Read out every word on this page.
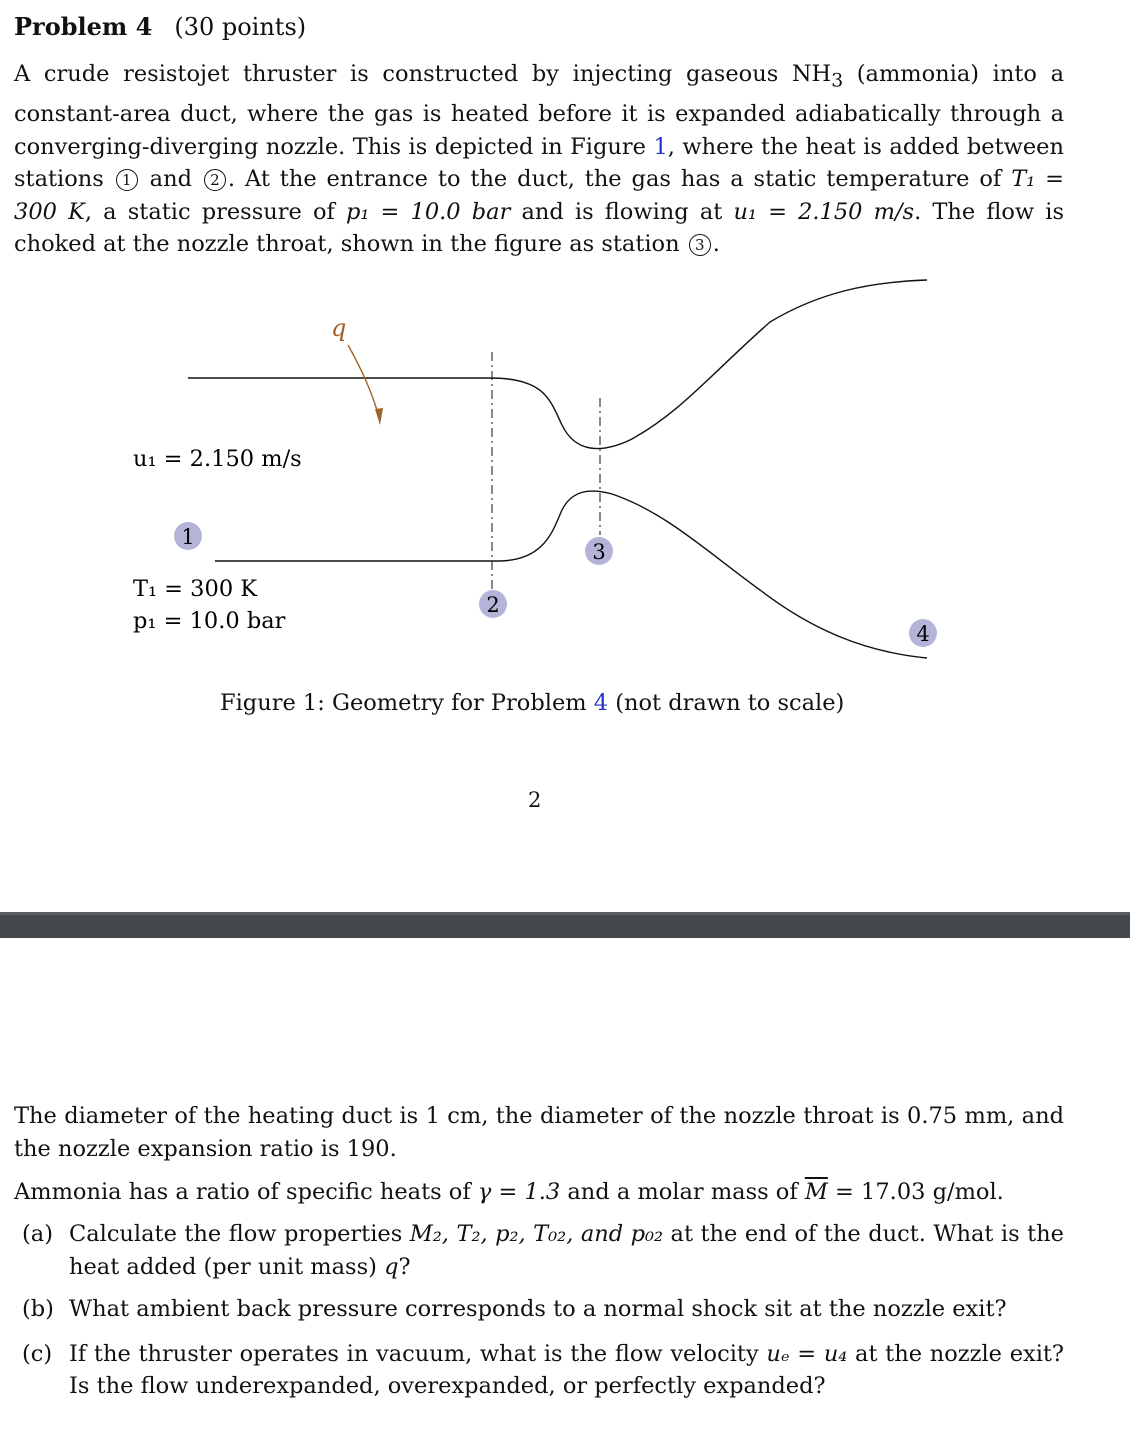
Problem 4 (30 points)
A crude resistojet thruster is constructed by injecting gaseous $NH_3$ (ammonia) into a constant-area duct, where the gas is heated before it is expanded adiabatically through a converging-diverging nozzle. This is depicted in Figure 1, where the heat is added between stations 1 and 2 . At the entrance to the duct, the gas has a static temperature of T₁ = 300 K, a static pressure of p₁ = 10.0 bar and is flowing at u₁ = 2.150 m/s. The flow is choked at the nozzle throat, shown in the figure as station 3 .
q
u₁ = 2.150 m/s
T₁ = 300 K
p₁ = 10.0 bar
1
2
3
4
Figure 1: Geometry for Problem 4 (not drawn to scale)
2
The diameter of the heating duct is 1 cm, the diameter of the nozzle throat is 0.75 mm, and the nozzle expansion ratio is 190.
Ammonia has a ratio of specific heats of γ = 1.3 and a molar mass of $\overline{M} = 17.03$ g/mol.
(a) Calculate the flow properties M₂, T₂, p₂, T₀₂, and p₀₂ at the end of the duct. What is the heat added (per unit mass) q?
(b) What ambient back pressure corresponds to a normal shock sit at the nozzle exit?
(c) If the thruster operates in vacuum, what is the flow velocity uₑ = u₄ at the nozzle exit? Is the flow underexpanded, overexpanded, or perfectly expanded?
